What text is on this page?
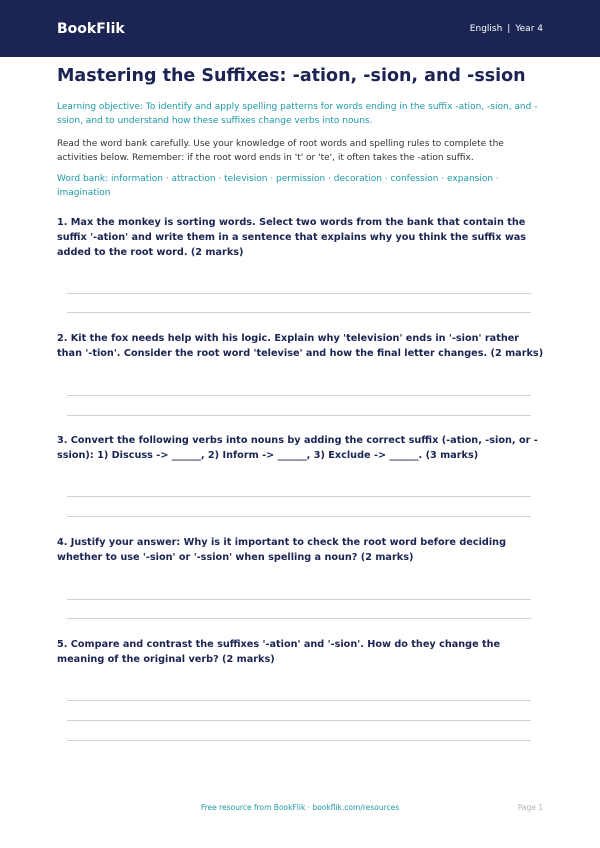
BookFlik	English | Year 4
Mastering the Suffixes: -ation, -sion, and -ssion

Learning objective: To identify and apply spelling patterns for words ending in the suffix -ation, -sion, and -ssion, and to understand how these suffixes change verbs into nouns.

Read the word bank carefully. Use your knowledge of root words and spelling rules to complete the activities below. Remember: if the root word ends in 't' or 'te', it often takes the -ation suffix.

Word bank: information · attraction · television · permission · decoration · confession · expansion · imagination

1. Max the monkey is sorting words. Select two words from the bank that contain the suffix '-ation' and write them in a sentence that explains why you think the suffix was added to the root word. (2 marks)

2. Kit the fox needs help with his logic. Explain why 'television' ends in '-sion' rather than '-tion'. Consider the root word 'televise' and how the final letter changes. (2 marks)

3. Convert the following verbs into nouns by adding the correct suffix (-ation, -sion, or -ssion): 1) Discuss -> ______, 2) Inform -> ______, 3) Exclude -> ______. (3 marks)

4. Justify your answer: Why is it important to check the root word before deciding whether to use '-sion' or '-ssion' when spelling a noun? (2 marks)

5. Compare and contrast the suffixes '-ation' and '-sion'. How do they change the meaning of the original verb? (2 marks)

Free resource from BookFlik · bookflik.com/resources	Page 1
